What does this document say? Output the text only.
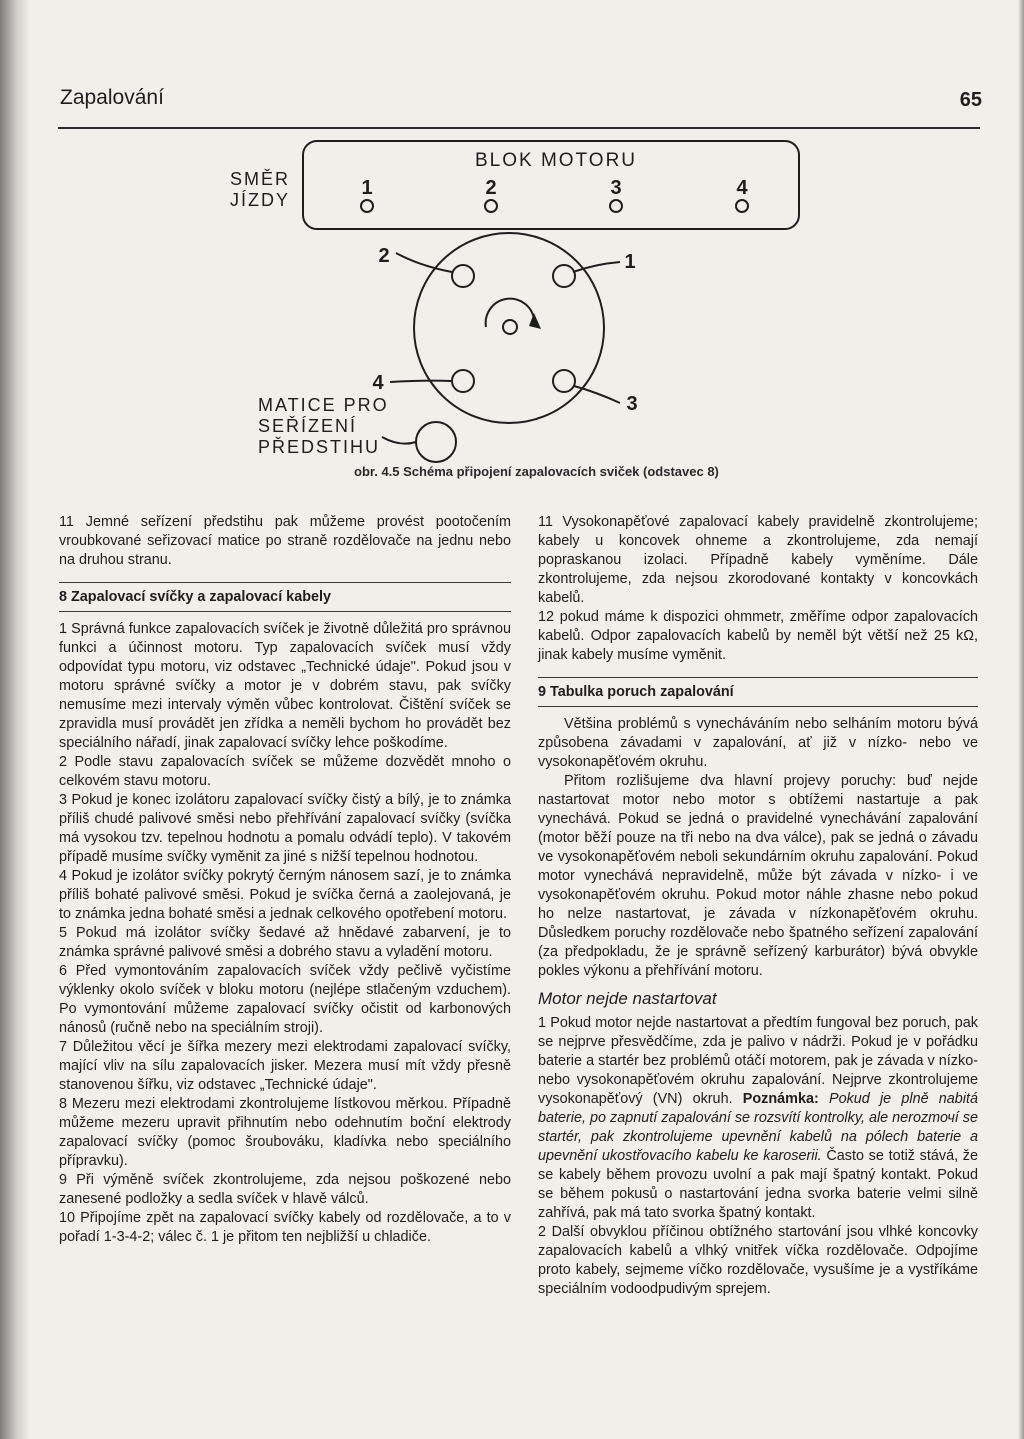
Zapalování	65
SMĚR
JÍZDY
BLOK MOTORU
MATICE PRO
SEŘÍZENÍ
PŘEDSTIHU
1	2	3	4
2	1
4
3
obr. 4.5 Schéma připojení zapalovacích sviček (odstavec 8)

11 Jemné seřízení předstihu pak můžeme provést pootočením vroubkované seřizovací matice po straně rozdělovače na jednu nebo na druhou stranu.

8 Zapalovací svíčky a zapalovací kabely

1 Správná funkce zapalovacích svíček je životně důležitá pro správnou funkci a účinnost motoru. Typ zapalovacích svíček musí vždy odpovídat typu motoru, viz odstavec „Technické údaje". Pokud jsou v motoru správné svíčky a motor je v dobrém stavu, pak svíčky nemusíme mezi intervaly výměn vůbec kontrolovat. Čištění svíček se zpravidla musí provádět jen zřídka a neměli bychom ho provádět bez speciálního nářadí, jinak zapalovací svíčky lehce poškodíme.

2 Podle stavu zapalovacích svíček se můžeme dozvědět mnoho o celkovém stavu motoru.

3 Pokud je konec izolátoru zapalovací svíčky čistý a bílý, je to známka příliš chudé palivové směsi nebo přehřívání zapalovací svíčky (svíčka má vysokou tzv. tepelnou hodnotu a pomalu odvádí teplo). V takovém případě musíme svíčky vyměnit za jiné s nižší tepelnou hodnotou.

4 Pokud je izolátor svíčky pokrytý černým nánosem sazí, je to známka příliš bohaté palivové směsi. Pokud je svíčka černá a zaolejovaná, je to známka jedna bohaté směsi a jednak celkového opotřebení motoru.

5 Pokud má izolátor svíčky šedavé až hnědavé zabarvení, je to známka správné palivové směsi a dobrého stavu a vyladění motoru.

6 Před vymontováním zapalovacích svíček vždy pečlivě vyčistíme výklenky okolo svíček v bloku motoru (nejlépe stlačeným vzduchem). Po vymontování můžeme zapalovací svíčky očistit od karbonových nánosů (ručně nebo na speciálním stroji).

7 Důležitou věcí je šířka mezery mezi elektrodami zapalovací svíčky, mající vliv na sílu zapalovacích jisker. Mezera musí mít vždy přesně stanovenou šířku, viz odstavec „Technické údaje".

8 Mezeru mezi elektrodami zkontrolujeme lístkovou měrkou. Případně můžeme mezeru upravit přihnutím nebo odehnutím boční elektrody zapalovací svíčky (pomoc šroubováku, kladívka nebo speciálního přípravku).

9 Při výměně svíček zkontrolujeme, zda nejsou poškozené nebo zanesené podložky a sedla svíček v hlavě válců.

10 Připojíme zpět na zapalovací svíčky kabely od rozdělovače, a to v pořadí 1-3-4-2; válec č. 1 je přitom ten nejbližší u chladiče.

11 Vysokonapěťové zapalovací kabely pravidelně zkontrolujeme; kabely u koncovek ohneme a zkontrolujeme, zda nemají popraskanou izolaci. Případně kabely vyměníme. Dále zkontrolujeme, zda nejsou zkorodované kontakty v koncovkách kabelů.

12 pokud máme k dispozici ohmmetr, změříme odpor zapalovacích kabelů. Odpor zapalovacích kabelů by neměl být větší než 25 kΩ, jinak kabely musíme vyměnit.

9 Tabulka poruch zapalování

Většina problémů s vynecháváním nebo selháním motoru bývá způsobena závadami v zapalování, ať již v nízko- nebo ve vysokonapěťovém okruhu.

Přitom rozlišujeme dva hlavní projevy poruchy: buď nejde nastartovat motor nebo motor s obtížemi nastartuje a pak vynechává. Pokud se jedná o pravidelné vynechávání zapalování (motor běží pouze na tři nebo na dva válce), pak se jedná o závadu ve vysokonapěťovém neboli sekundárním okruhu zapalování. Pokud motor vynechává nepravidelně, může být závada v nízko- i ve vysokonapěťovém okruhu. Pokud motor náhle zhasne nebo pokud ho nelze nastartovat, je závada v nízkonapěťovém okruhu. Důsledkem poruchy rozdělovače nebo špatného seřízení zapalování (za předpokladu, že je správně seřízený karburátor) bývá obvykle pokles výkonu a přehřívání motoru.

Motor nejde nastartovat

1 Pokud motor nejde nastartovat a předtím fungoval bez poruch, pak se nejprve přesvědčíme, zda je palivo v nádrži. Pokud je v pořádku baterie a startér bez problémů otáčí motorem, pak je závada v nízko- nebo vysokonapěťovém okruhu zapalování. Nejprve zkontrolujeme vysokonapěťový (VN) okruh. Poznámka: Pokud je plně nabitá baterie, po zapnutí zapalování se rozsvítí kontrolky, ale nerozточí se startér, pak zkontrolujeme upevnění kabelů na pólech baterie a upevnění ukostřovacího kabelu ke karoserii. Často se totiž stává, že se kabely během provozu uvolní a pak mají špatný kontakt. Pokud se během pokusů o nastartování jedna svorka baterie velmi silně zahřívá, pak má tato svorka špatný kontakt.

2 Další obvyklou příčinou obtížného startování jsou vlhké koncovky zapalovacích kabelů a vlhký vnitřek víčka rozdělovače. Odpojíme proto kabely, sejmeme víčko rozdělovače, vysušíme je a vystříkáme speciálním vodoodpudivým sprejem.
